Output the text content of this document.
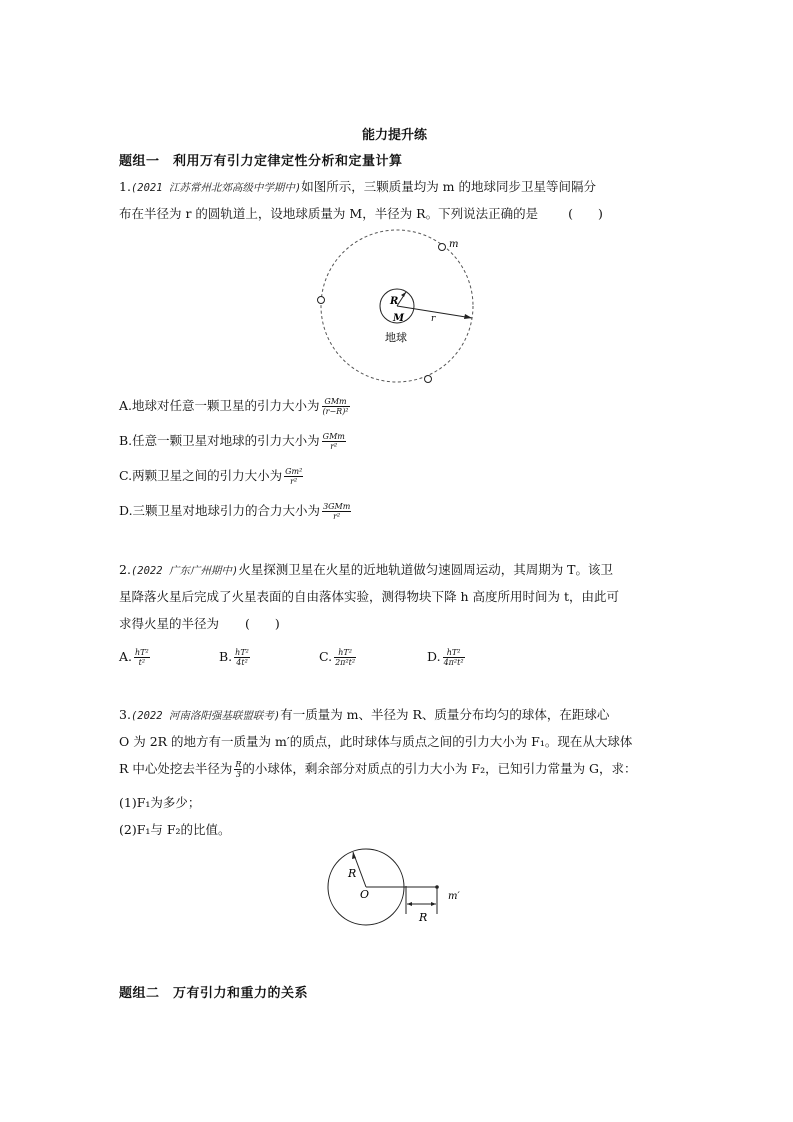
能力提升练
题组一　利用万有引力定律定性分析和定量计算
1.(2021 江苏常州北郊高级中学期中)如图所示，三颗质量均为 m 的地球同步卫星等间隔分
布在半径为 r 的圆轨道上，设地球质量为 M，半径为 R。下列说法正确的是 (　　)
m
R
M	r
地球
A.地球对任意一颗卫星的引力大小为 $\frac{\text{GMm}}{\text{(r−R)²}}$
B.任意一颗卫星对地球的引力大小为 $\frac{\text{GMm}}{\text{r²}}$
C.两颗卫星之间的引力大小为 $\frac{\text{Gm²}}{\text{r²}}$
D.三颗卫星对地球引力的合力大小为 $\frac{\text{3GMm}}{\text{r²}}$
2.(2022 广东广州期中)火星探测卫星在火星的近地轨道做匀速圆周运动，其周期为 T。该卫
星降落火星后完成了火星表面的自由落体实验，测得物块下降 h 高度所用时间为 t，由此可
求得火星的半径为 (　　)
A. $\frac{\text{hT²}}{\text{t²}}$	B. $\frac{\text{hT²}}{\text{4t²}}$	C. $\frac{\text{hT²}}{\text{2π²t²}}$	D. $\frac{\text{hT²}}{\text{4π²t²}}$
3.(2022 河南洛阳强基联盟联考)有一质量为 m、半径为 R、质量分布均匀的球体，在距球心
O 为 2R 的地方有一质量为 m′的质点，此时球体与质点之间的引力大小为 F₁。现在从大球体
R 中心处挖去半径为 $\frac{R}{3}$ 的小球体，剩余部分对质点的引力大小为 F₂，已知引力常量为 G，求：
(1)F₁为多少；
(2)F₁与 F₂的比值。
R
O
R
m′
题组二　万有引力和重力的关系
